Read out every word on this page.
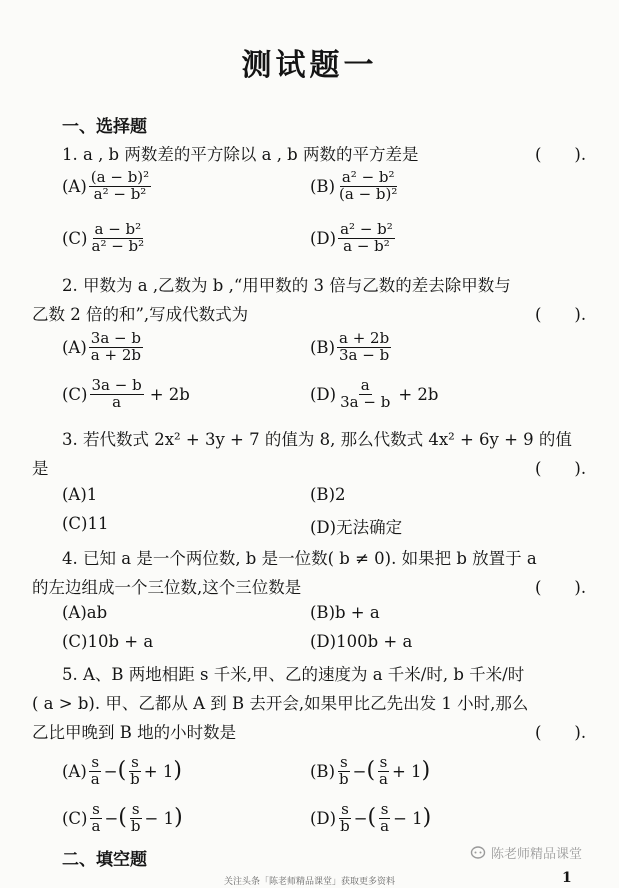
测试题一
一、选择题
1. a , b 两数差的平方除以 a , b 两数的平方差是	(　　).
$(A) \frac{\text{(a − b)²}}{\text{a² − b²}}$	$(B) \frac{\text{a² − b²}}{\text{(a − b)²}}$
$(C) \frac{\text{a − b²}}{\text{a² − b²}}$	$(D) \frac{\text{a² − b²}}{\text{a − b²}}$
2. 甲数为 a ,乙数为 b ,“用甲数的 3 倍与乙数的差去除甲数与
乙数 2 倍的和”,写成代数式为	(　　).
$(A) \frac{3a - b}{a + 2b}$	$(B) \frac{a + 2b}{3a - b}$
$(C) \frac{3a - b}{a} + 2b$	$(D) \frac{a}{3a - b} + 2b$
3. 若代数式 2x² + 3y + 7 的值为 8, 那么代数式 4x² + 6y + 9 的值
是	(　　).
(A)1	(B)2
(C)11	(D)无法确定
4. 已知 a 是一个两位数, b 是一位数( b ≠ 0). 如果把 b 放置于 a
的左边组成一个三位数,这个三位数是	(　　).
(A)ab	(B)b + a
(C)10b + a	(D)100b + a
5. A、B 两地相距 s 千米,甲、乙的速度为 a 千米/时, b 千米/时
( a > b). 甲、乙都从 A 到 B 去开会,如果甲比乙先出发 1 小时,那么
乙比甲晚到 B 地的小时数是	(　　).
$(A) \frac{s}{a}$ − ( $\frac{s}{b} + 1$ )	$(B) \frac{s}{b}$ − ( $\frac{s}{a} + 1$ )
$(C) \frac{s}{a}$ − ( $\frac{s}{b} - 1$ )	$(D) \frac{s}{b}$ − ( $\frac{s}{a} - 1$ )
二、填空题	陈老师精品课堂
关注头条「陈老师精品课堂」获取更多资料	1
